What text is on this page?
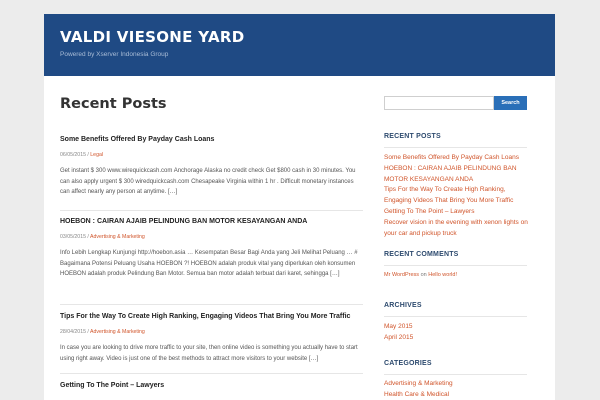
VALDI VIESONE YARD
Powered by Xserver Indonesia Group
Recent Posts
Some Benefits Offered By Payday Cash Loans
06/05/2015 / Legal
Get instant $ 300 www.wirequickcash.com Anchorage Alaska no credit check Get $800 cash in 30 minutes. You can also apply urgent $ 300 wiredquickcash.com Chesapeake Virginia within 1 hr . Difficult monetary instances can affect nearly any person at anytime. […]
HOEBON : CAIRAN AJAIB PELINDUNG BAN MOTOR KESAYANGAN ANDA
03/05/2015 / Advertising & Marketing
Info Lebih Lengkap Kunjungi http://hoebon.asia … Kesempatan Besar Bagi Anda yang Jeli Melihat Peluang … # Bagaimana Potensi Peluang Usaha HOEBON ?! HOEBON adalah produk vital yang diperlukan oleh konsumen HOEBON adalah produk Pelindung Ban Motor. Semua ban motor adalah terbuat dari karet, sehingga […]
Tips For the Way To Create High Ranking, Engaging Videos That Bring You More Traffic
28/04/2015 / Advertising & Marketing
In case you are looking to drive more traffic to your site, then online video is something you actually have to start using right away. Video is just one of the best methods to attract more visitors to your website […]
Getting To The Point – Lawyers
Search
RECENT POSTS
Some Benefits Offered By Payday Cash Loans
HOEBON : CAIRAN AJAIB PELINDUNG BAN MOTOR KESAYANGAN ANDA
Tips For the Way To Create High Ranking, Engaging Videos That Bring You More Traffic
Getting To The Point – Lawyers
Recover vision in the evening with xenon lights on your car and pickup truck
RECENT COMMENTS
Mr WordPress on Hello world!
ARCHIVES
May 2015
April 2015
CATEGORIES
Advertising & Marketing
Health Care & Medical
